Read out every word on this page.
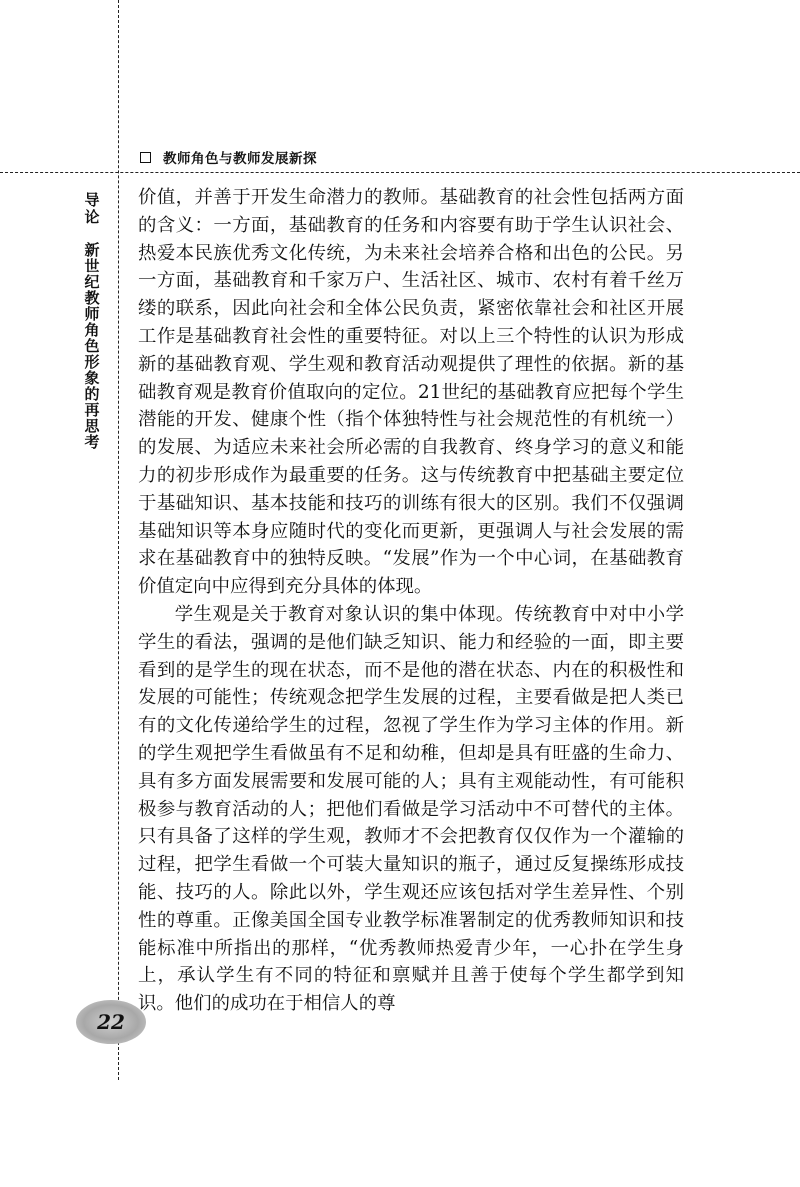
教师角色与教师发展新探
导论
新世纪教师角色形象的再思考

价值，并善于开发生命潜力的教师。基础教育的社会性包括两方面的含义：一方面，基础教育的任务和内容要有助于学生认识社会、热爱本民族优秀文化传统，为未来社会培养合格和出色的公民。另一方面，基础教育和千家万户、生活社区、城市、农村有着千丝万缕的联系，因此向社会和全体公民负责，紧密依靠社会和社区开展工作是基础教育社会性的重要特征。对以上三个特性的认识为形成新的基础教育观、学生观和教育活动观提供了理性的依据。新的基础教育观是教育价值取向的定位。21世纪的基础教育应把每个学生潜能的开发、健康个性（指个体独特性与社会规范性的有机统一）的发展、为适应未来社会所必需的自我教育、终身学习的意义和能力的初步形成作为最重要的任务。这与传统教育中把基础主要定位于基础知识、基本技能和技巧的训练有很大的区别。我们不仅强调基础知识等本身应随时代的变化而更新，更强调人与社会发展的需求在基础教育中的独特反映。“发展”作为一个中心词，在基础教育价值定向中应得到充分具体的体现。

学生观是关于教育对象认识的集中体现。传统教育中对中小学学生的看法，强调的是他们缺乏知识、能力和经验的一面，即主要看到的是学生的现在状态，而不是他的潜在状态、内在的积极性和发展的可能性；传统观念把学生发展的过程，主要看做是把人类已有的文化传递给学生的过程，忽视了学生作为学习主体的作用。新的学生观把学生看做虽有不足和幼稚，但却是具有旺盛的生命力、具有多方面发展需要和发展可能的人；具有主观能动性，有可能积极参与教育活动的人；把他们看做是学习活动中不可替代的主体。只有具备了这样的学生观，教师才不会把教育仅仅作为一个灌输的过程，把学生看做一个可装大量知识的瓶子，通过反复操练形成技能、技巧的人。除此以外，学生观还应该包括对学生差异性、个别性的尊重。正像美国全国专业教学标准署制定的优秀教师知识和技能标准中所指出的那样，“优秀教师热爱青少年，一心扑在学生身上，承认学生有不同的特征和禀赋并且善于使每个学生都学到知识。他们的成功在于相信人的尊

22
